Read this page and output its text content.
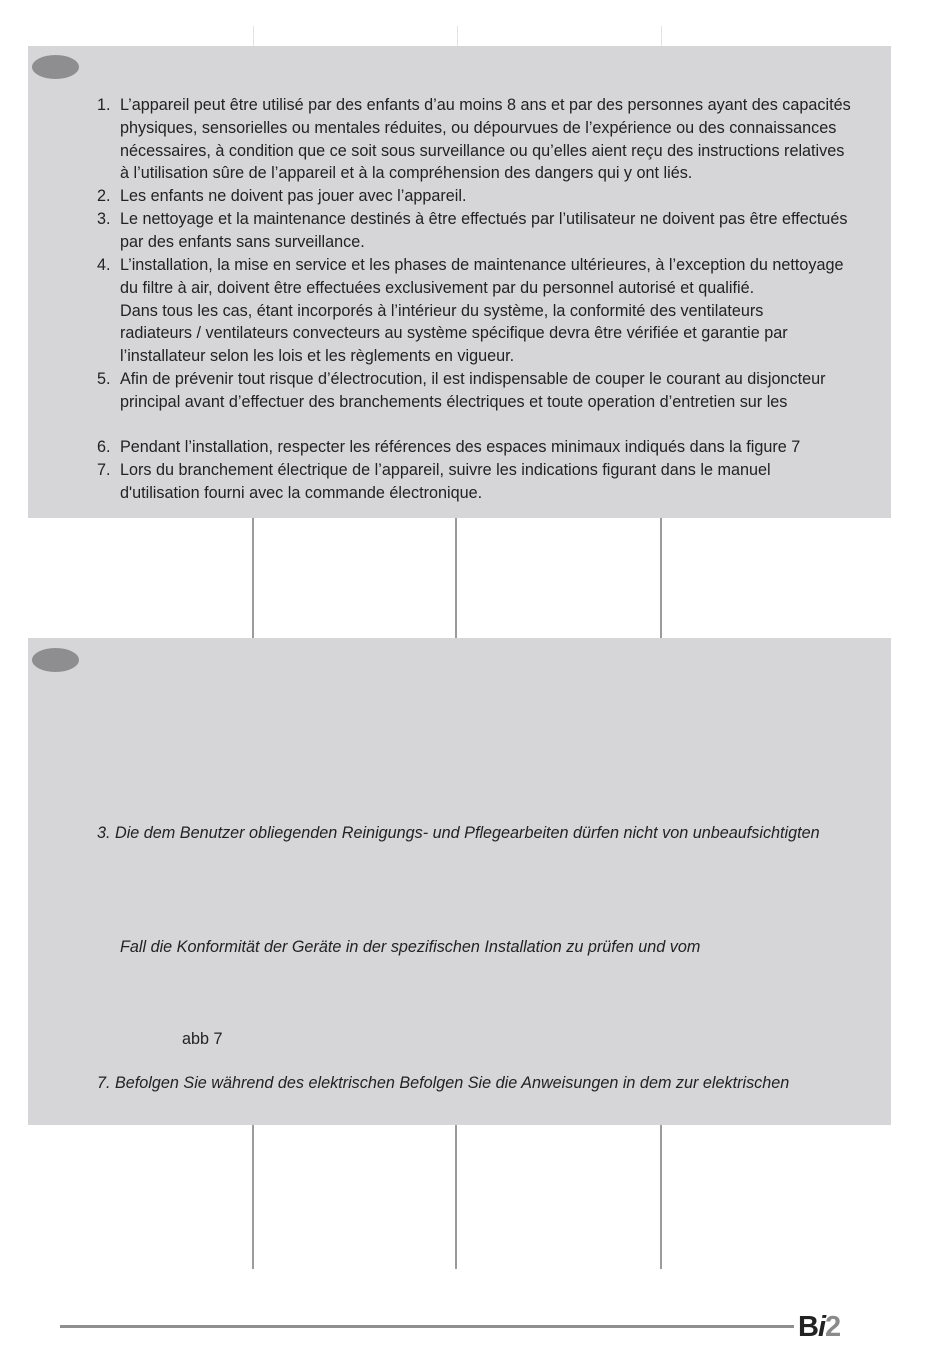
1. L’appareil peut être utilisé par des enfants d’au moins 8 ans et par des personnes ayant des capacités
physiques, sensorielles ou mentales réduites, ou dépourvues de l’expérience ou des connaissances
nécessaires, à condition que ce soit sous surveillance ou qu’elles aient reçu des instructions relatives
à l’utilisation sûre de l’appareil et à la compréhension des dangers qui y ont liés.
2. Les enfants ne doivent pas jouer avec l’appareil.
3. Le nettoyage et la maintenance destinés à être effectués par l’utilisateur ne doivent pas être effectués
par des enfants sans surveillance.
4. L’installation, la mise en service et les phases de maintenance ultérieures, à l’exception du nettoyage
du filtre à air, doivent être effectuées exclusivement par du personnel autorisé et qualifié.
Dans tous les cas, étant incorporés à l’intérieur du système, la conformité des ventilateurs
radiateurs / ventilateurs convecteurs au système spécifique devra être vérifiée et garantie par
l’installateur selon les lois et les règlements en vigueur.
5. Afin de prévenir tout risque d’électrocution, il est indispensable de couper le courant au disjoncteur
principal avant d’effectuer des branchements électriques et toute operation d’entretien sur les
6. Pendant l’installation, respecter les références des espaces minimaux indiqués dans la figure 7
7. Lors du branchement électrique de l’appareil, suivre les indications figurant dans le manuel
d'utilisation fourni avec la commande électronique.
3. Die dem Benutzer obliegenden Reinigungs- und Pflegearbeiten dürfen nicht von unbeaufsichtigten
Fall die Konformität der Geräte in der spezifischen Installation zu prüfen und vom
abb 7
7. Befolgen Sie während des elektrischen Befolgen Sie die Anweisungen in dem zur elektrischen
Bi2
